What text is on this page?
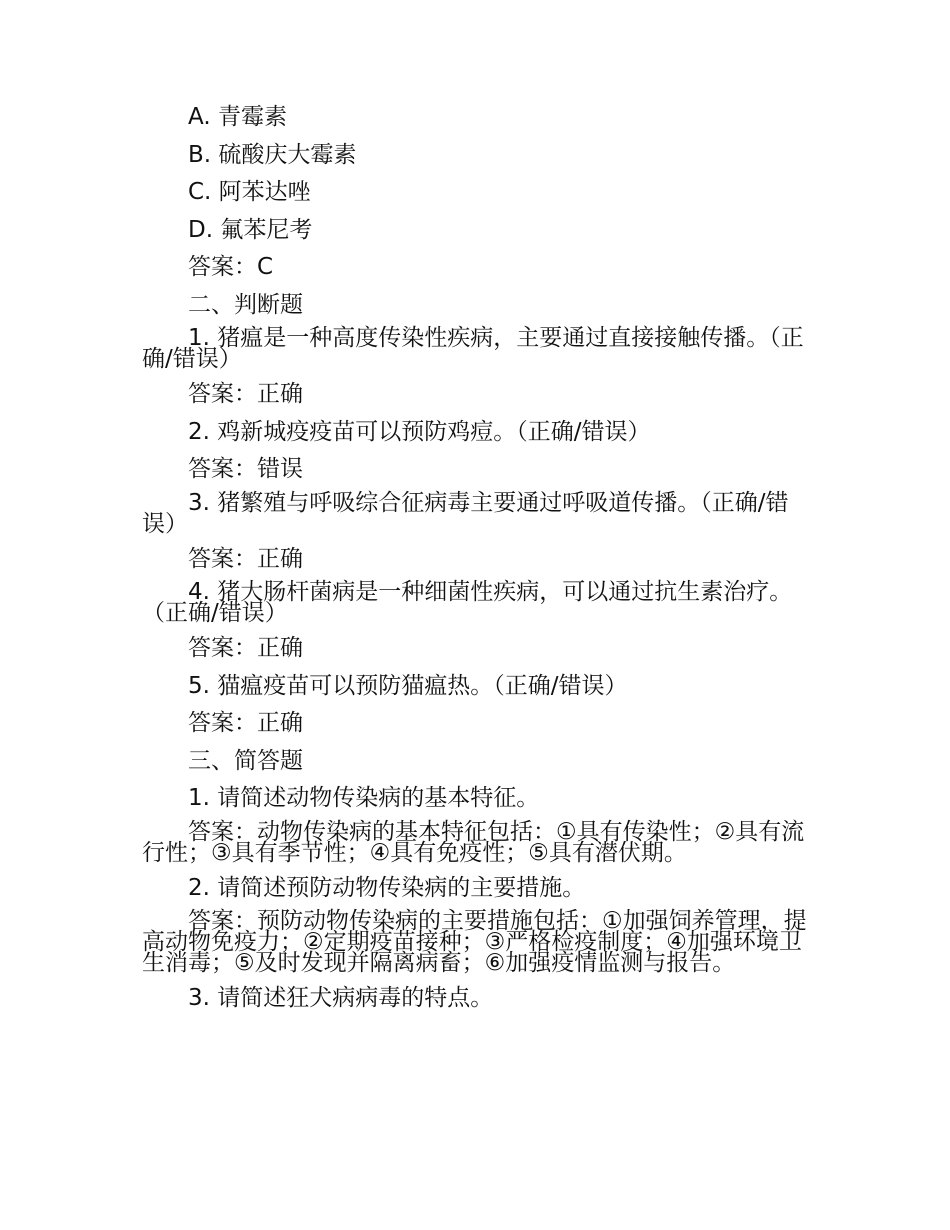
A. 青霉素

B. 硫酸庆大霉素

C. 阿苯达唑

D. 氟苯尼考

答案：C

二、判断题

1. 猪瘟是一种高度传染性疾病，主要通过直接接触传播。（正确/错误）

答案：正确

2. 鸡新城疫疫苗可以预防鸡痘。（正确/错误）

答案：错误

3. 猪繁殖与呼吸综合征病毒主要通过呼吸道传播。（正确/错误）

答案：正确

4. 猪大肠杆菌病是一种细菌性疾病，可以通过抗生素治疗。（正确/错误）

答案：正确

5. 猫瘟疫苗可以预防猫瘟热。（正确/错误）

答案：正确

三、简答题

1. 请简述动物传染病的基本特征。

答案：动物传染病的基本特征包括：①具有传染性；②具有流行性；③具有季节性；④具有免疫性；⑤具有潜伏期。

2. 请简述预防动物传染病的主要措施。

答案：预防动物传染病的主要措施包括：①加强饲养管理，提高动物免疫力；②定期疫苗接种；③严格检疫制度；④加强环境卫生消毒；⑤及时发现并隔离病畜；⑥加强疫情监测与报告。

3. 请简述狂犬病病毒的特点。
